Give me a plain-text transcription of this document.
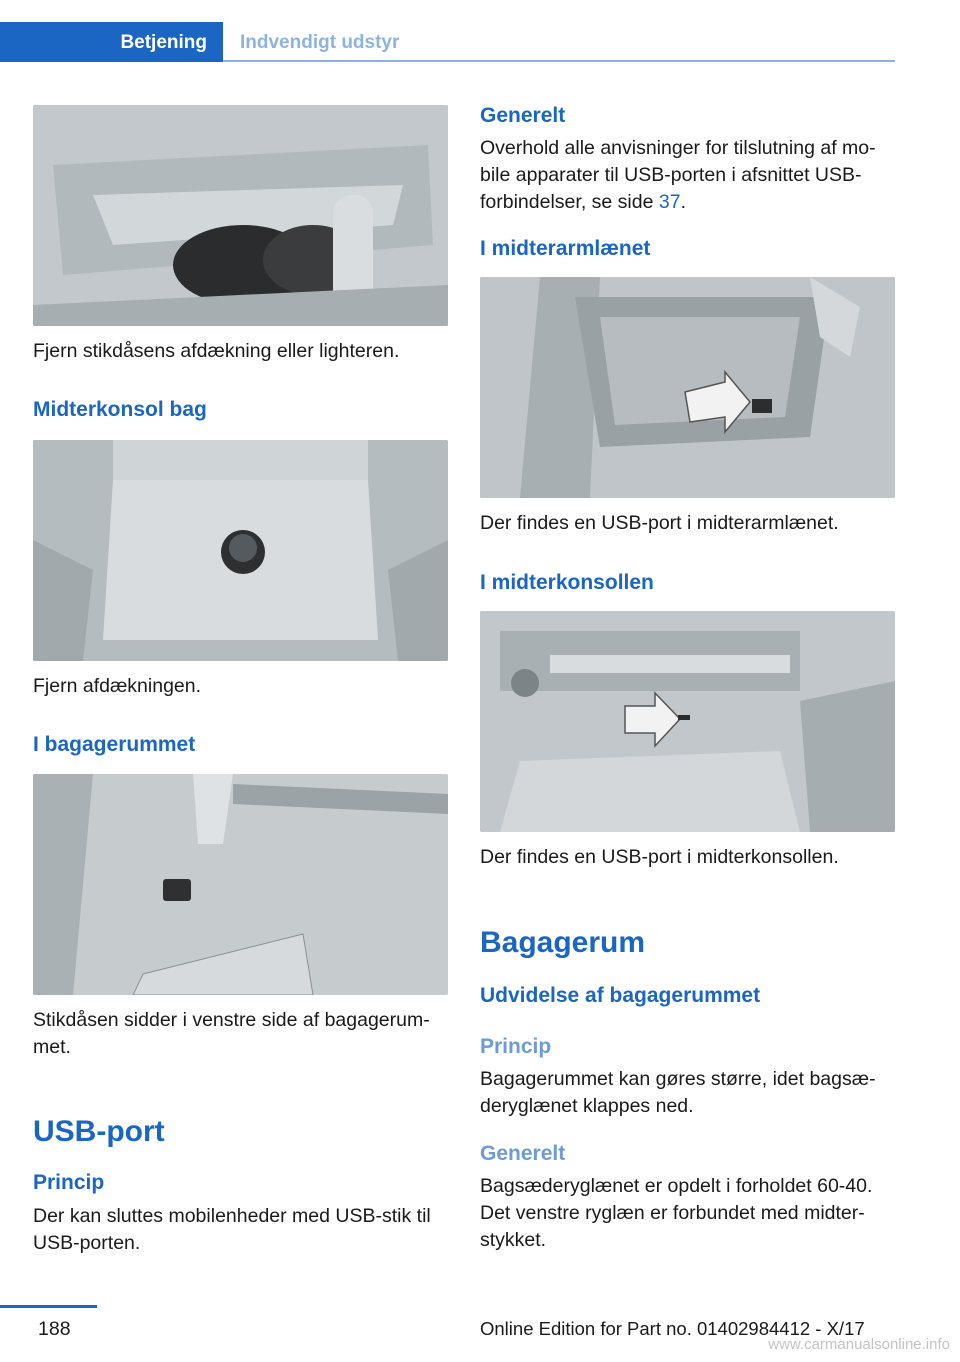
Betjening	Indvendigt udstyr
Fjern stikdåsens afdækning eller lighteren.
Midterkonsol bag
Fjern afdækningen.
I bagagerummet
Stikdåsen sidder i venstre side af bagagerum-
met.
USB-port
Princip
Der kan sluttes mobilenheder med USB-stik til
USB-porten.
Generelt
Overhold alle anvisninger for tilslutning af mo-
bile apparater til USB-porten i afsnittet USB-
forbindelser, se side 37.
I midterarmlænet
Der findes en USB-port i midterarmlænet.
I midterkonsollen
Der findes en USB-port i midterkonsollen.
Bagagerum
Udvidelse af bagagerummet
Princip
Bagagerummet kan gøres større, idet bagsæ-
deryglænet klappes ned.
Generelt
Bagsæderyglænet er opdelt i forholdet 60-40.
Det venstre ryglæn er forbundet med midter-
stykket.
188	Online Edition for Part no. 01402984412 - X/17
www.carmanualsonline.info
